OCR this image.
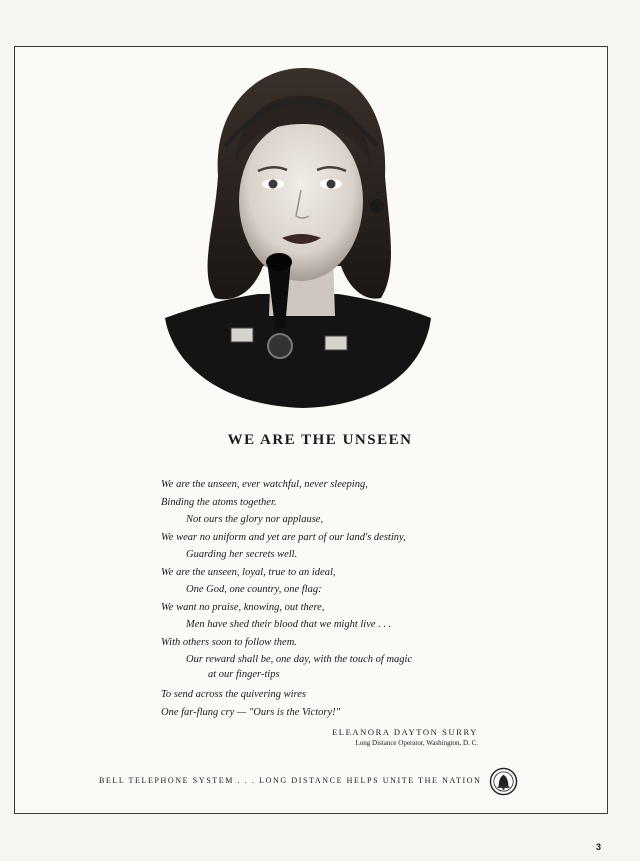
WE ARE THE UNSEEN
We are the unseen, ever watchful, never sleeping,
Binding the atoms together.
Not ours the glory nor applause,
We wear no uniform and yet are part of our land's destiny,
Guarding her secrets well.
We are the unseen, loyal, true to an ideal,
One God, one country, one flag:
We want no praise, knowing, out there,
Men have shed their blood that we might live . . .
With others soon to follow them.
Our reward shall be, one day, with the touch of magic
at our finger-tips
To send across the quivering wires
One far-flung cry — "Ours is the Victory!"
ELEANORA DAYTON SURRY
Long Distance Operator, Washington, D. C.
BELL TELEPHONE SYSTEM . . . LONG DISTANCE HELPS UNITE THE NATION
3
